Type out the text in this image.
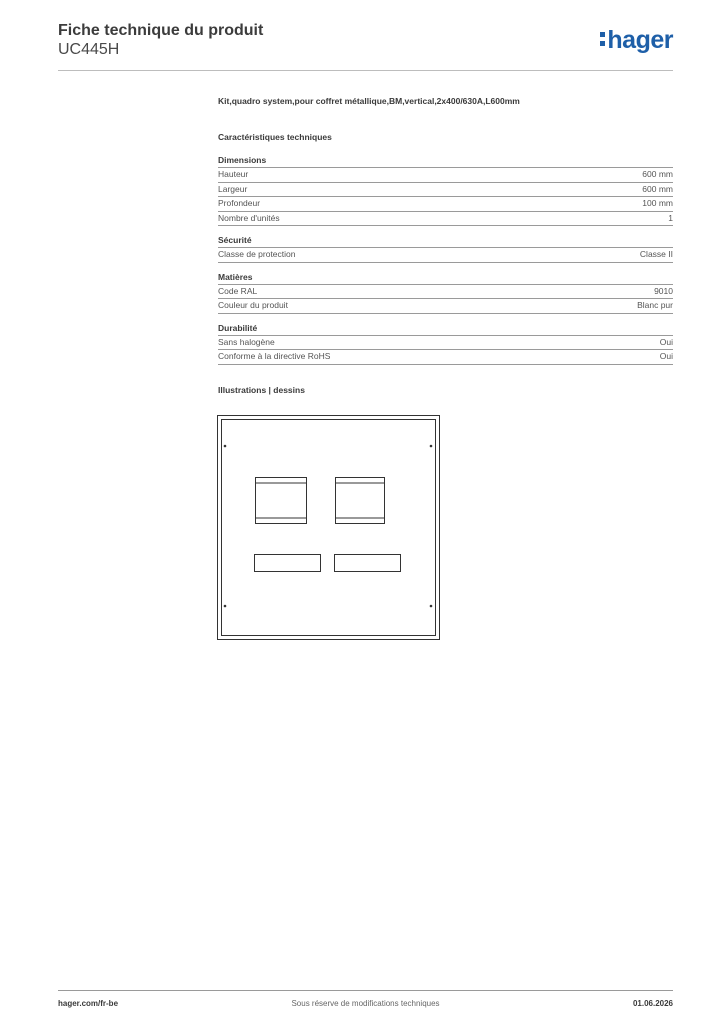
Fiche technique du produit
UC445H	hager
Kit,quadro system,pour coffret métallique,BM,vertical,2x400/630A,L600mm
Caractéristiques techniques
Dimensions
Hauteur	600 mm
Largeur	600 mm
Profondeur	100 mm
Nombre d'unités	1
Sécurité
Classe de protection	Classe II
Matières
Code RAL	9010
Couleur du produit	Blanc pur
Durabilité
Sans halogène	Oui
Conforme à la directive RoHS	Oui
Illustrations | dessins
hager.com/fr-be	Sous réserve de modifications techniques	01.06.2026
